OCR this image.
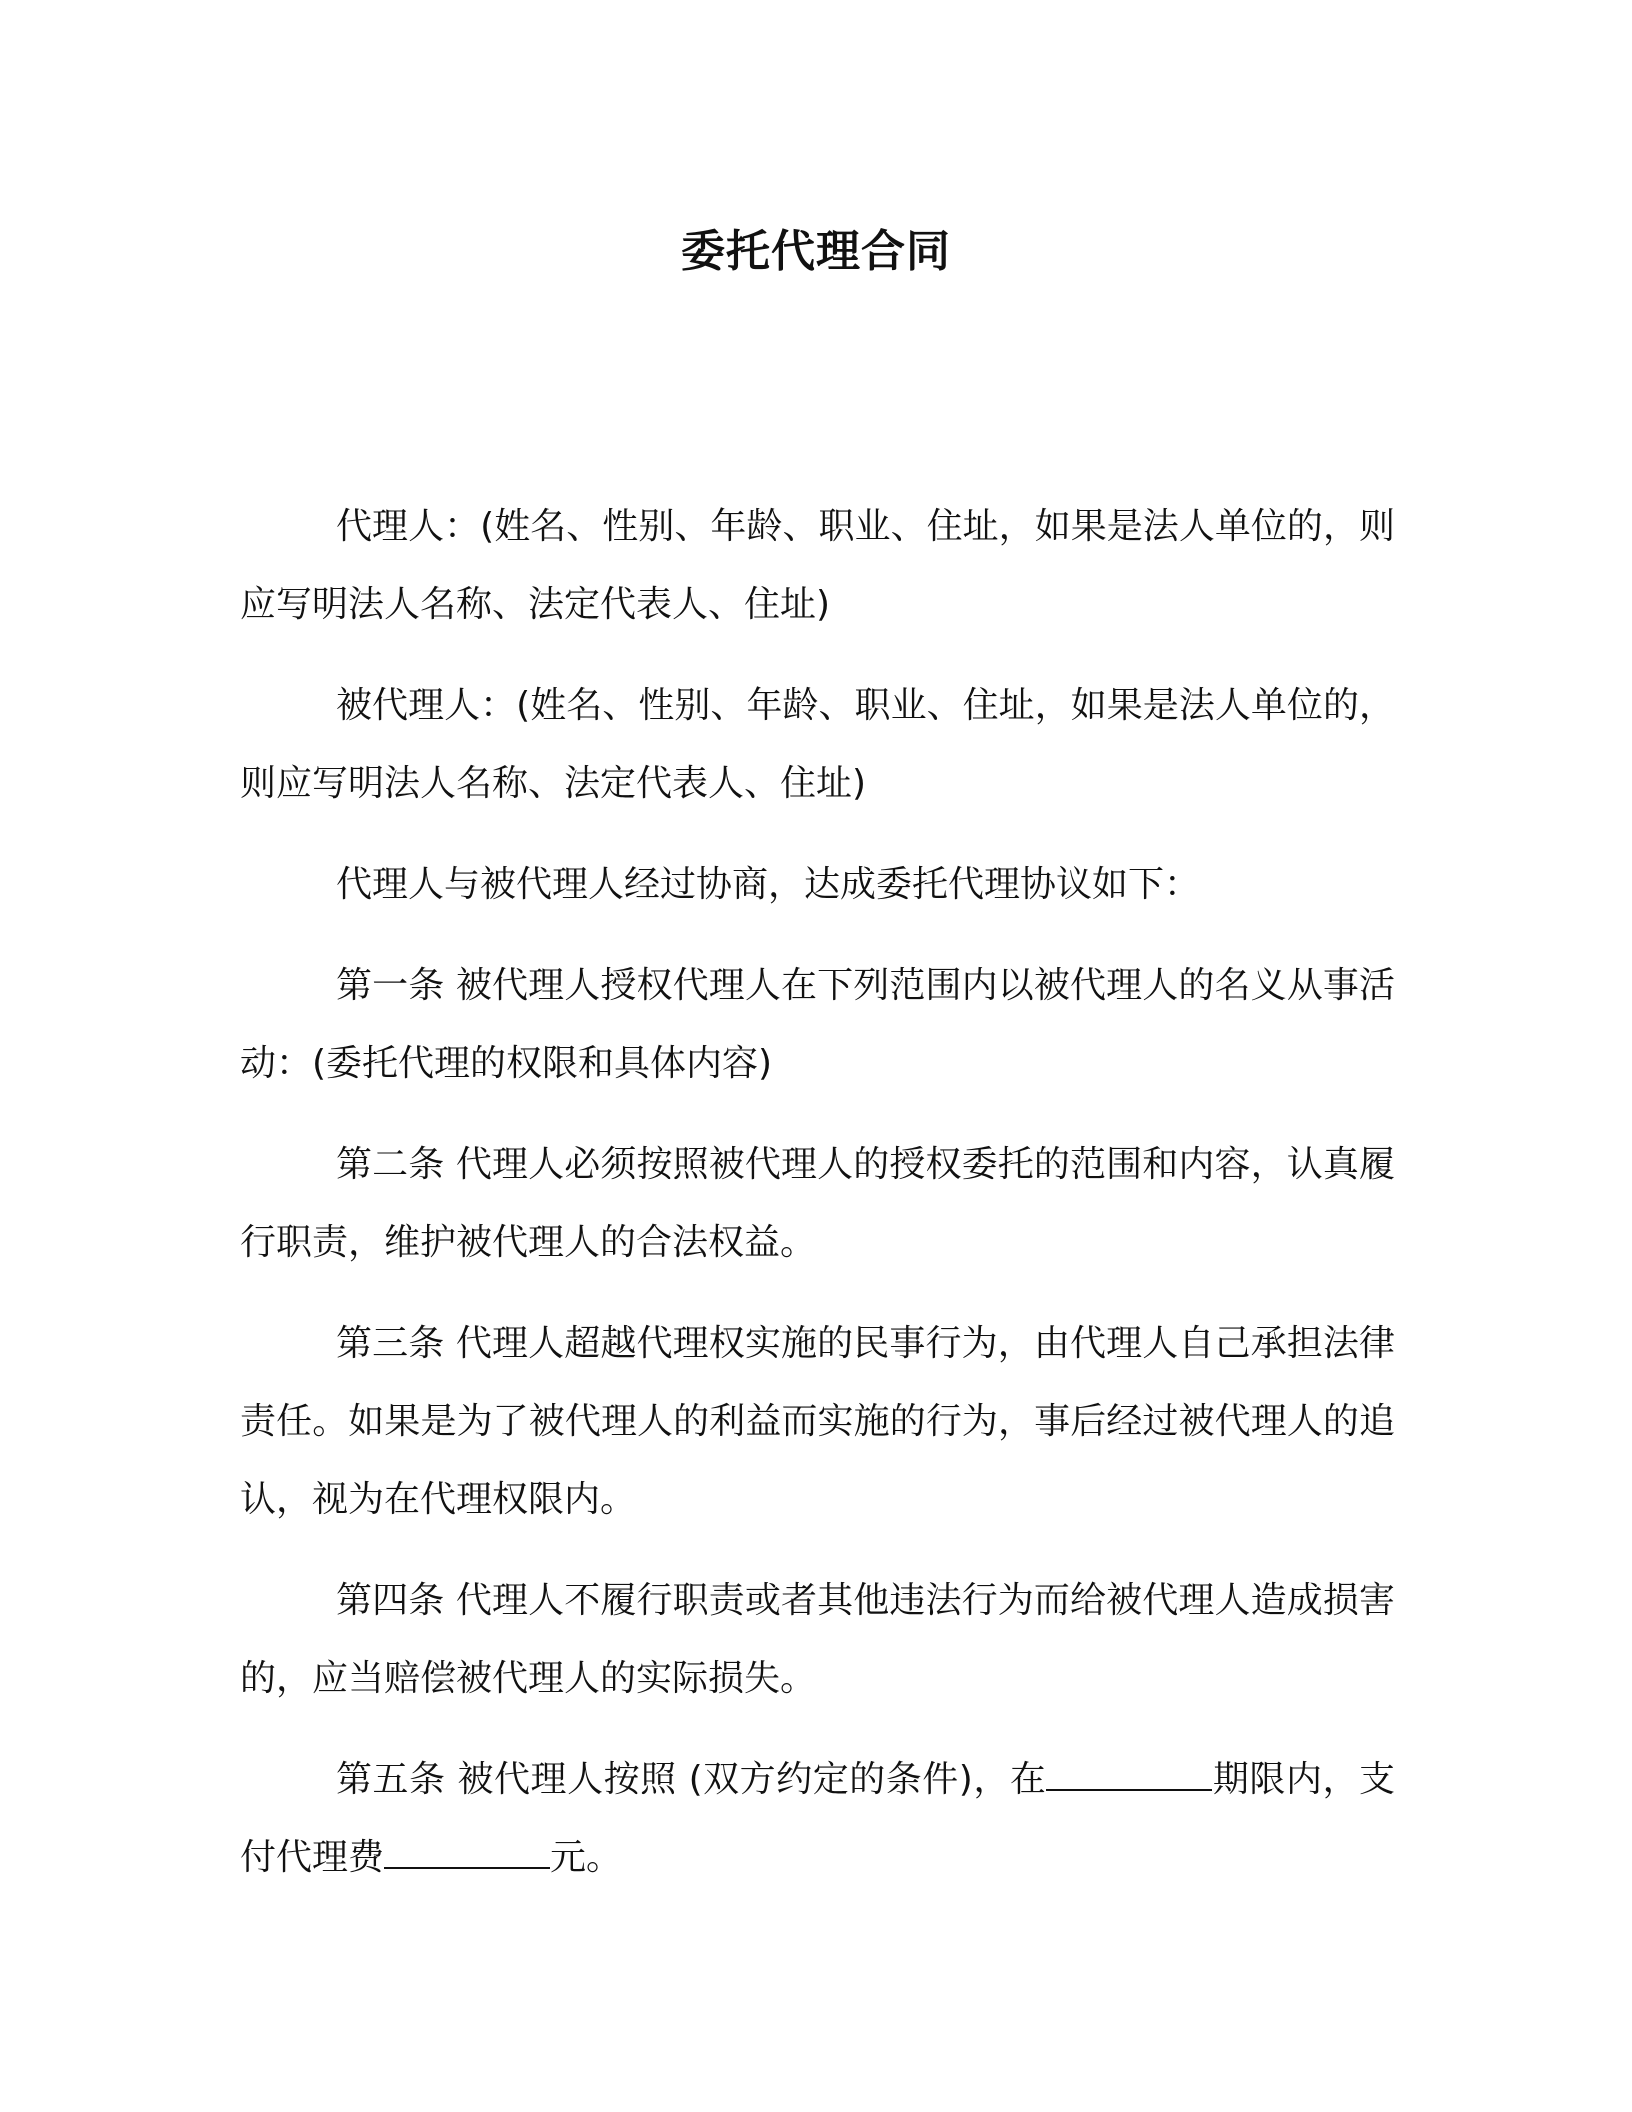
委托代理合同

代理人：(姓名、性别、年龄、职业、住址，如果是法人单位的，则应写明法人名称、法定代表人、住址)

被代理人：(姓名、性别、年龄、职业、住址，如果是法人单位的，则应写明法人名称、法定代表人、住址)

代理人与被代理人经过协商，达成委托代理协议如下：

第一条 被代理人授权代理人在下列范围内以被代理人的名义从事活动：(委托代理的权限和具体内容)

第二条 代理人必须按照被代理人的授权委托的范围和内容，认真履行职责，维护被代理人的合法权益。

第三条 代理人超越代理权实施的民事行为，由代理人自己承担法律责任。如果是为了被代理人的利益而实施的行为，事后经过被代理人的追认，视为在代理权限内。

第四条 代理人不履行职责或者其他违法行为而给被代理人造成损害的，应当赔偿被代理人的实际损失。

第五条 被代理人按照 (双方约定的条件)，在	期限内，支付代理费	元。
